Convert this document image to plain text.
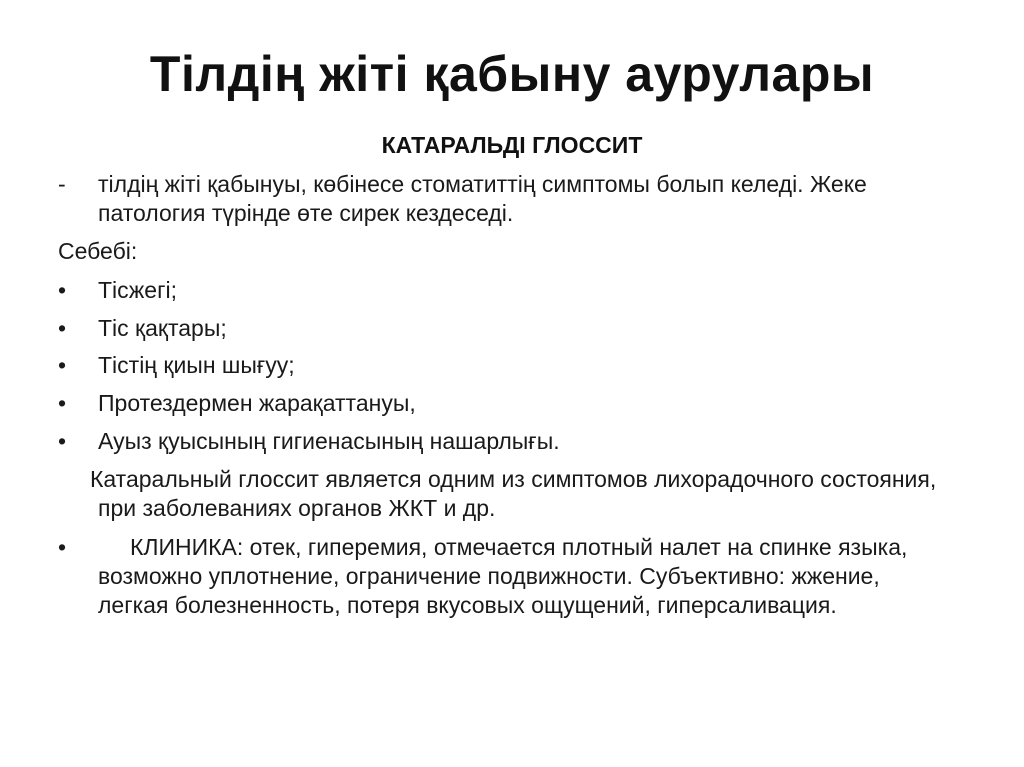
Тілдің жіті қабыну аурулары
КАТАРАЛЬДІ ГЛОССИТ
- тілдің жіті қабынуы, көбінесе стоматиттің симптомы болып келеді. Жеке патология түрінде өте сирек кездеседі.
Себебі:
• Тісжегі;
• Тіс қақтары;
• Тістің қиын шығуу;
• Протездермен жарақаттануы,
• Ауыз қуысының гигиенасының нашарлығы.
Катаральный глоссит является одним из симптомов лихорадочного состояния, при заболеваниях органов ЖКТ и др.
•	КЛИНИКА: отек, гиперемия, отмечается плотный налет на спинке языка, возможно уплотнение, ограничение подвижности. Субъективно: жжение, легкая болезненность, потеря вкусовых ощущений, гиперсаливация.
